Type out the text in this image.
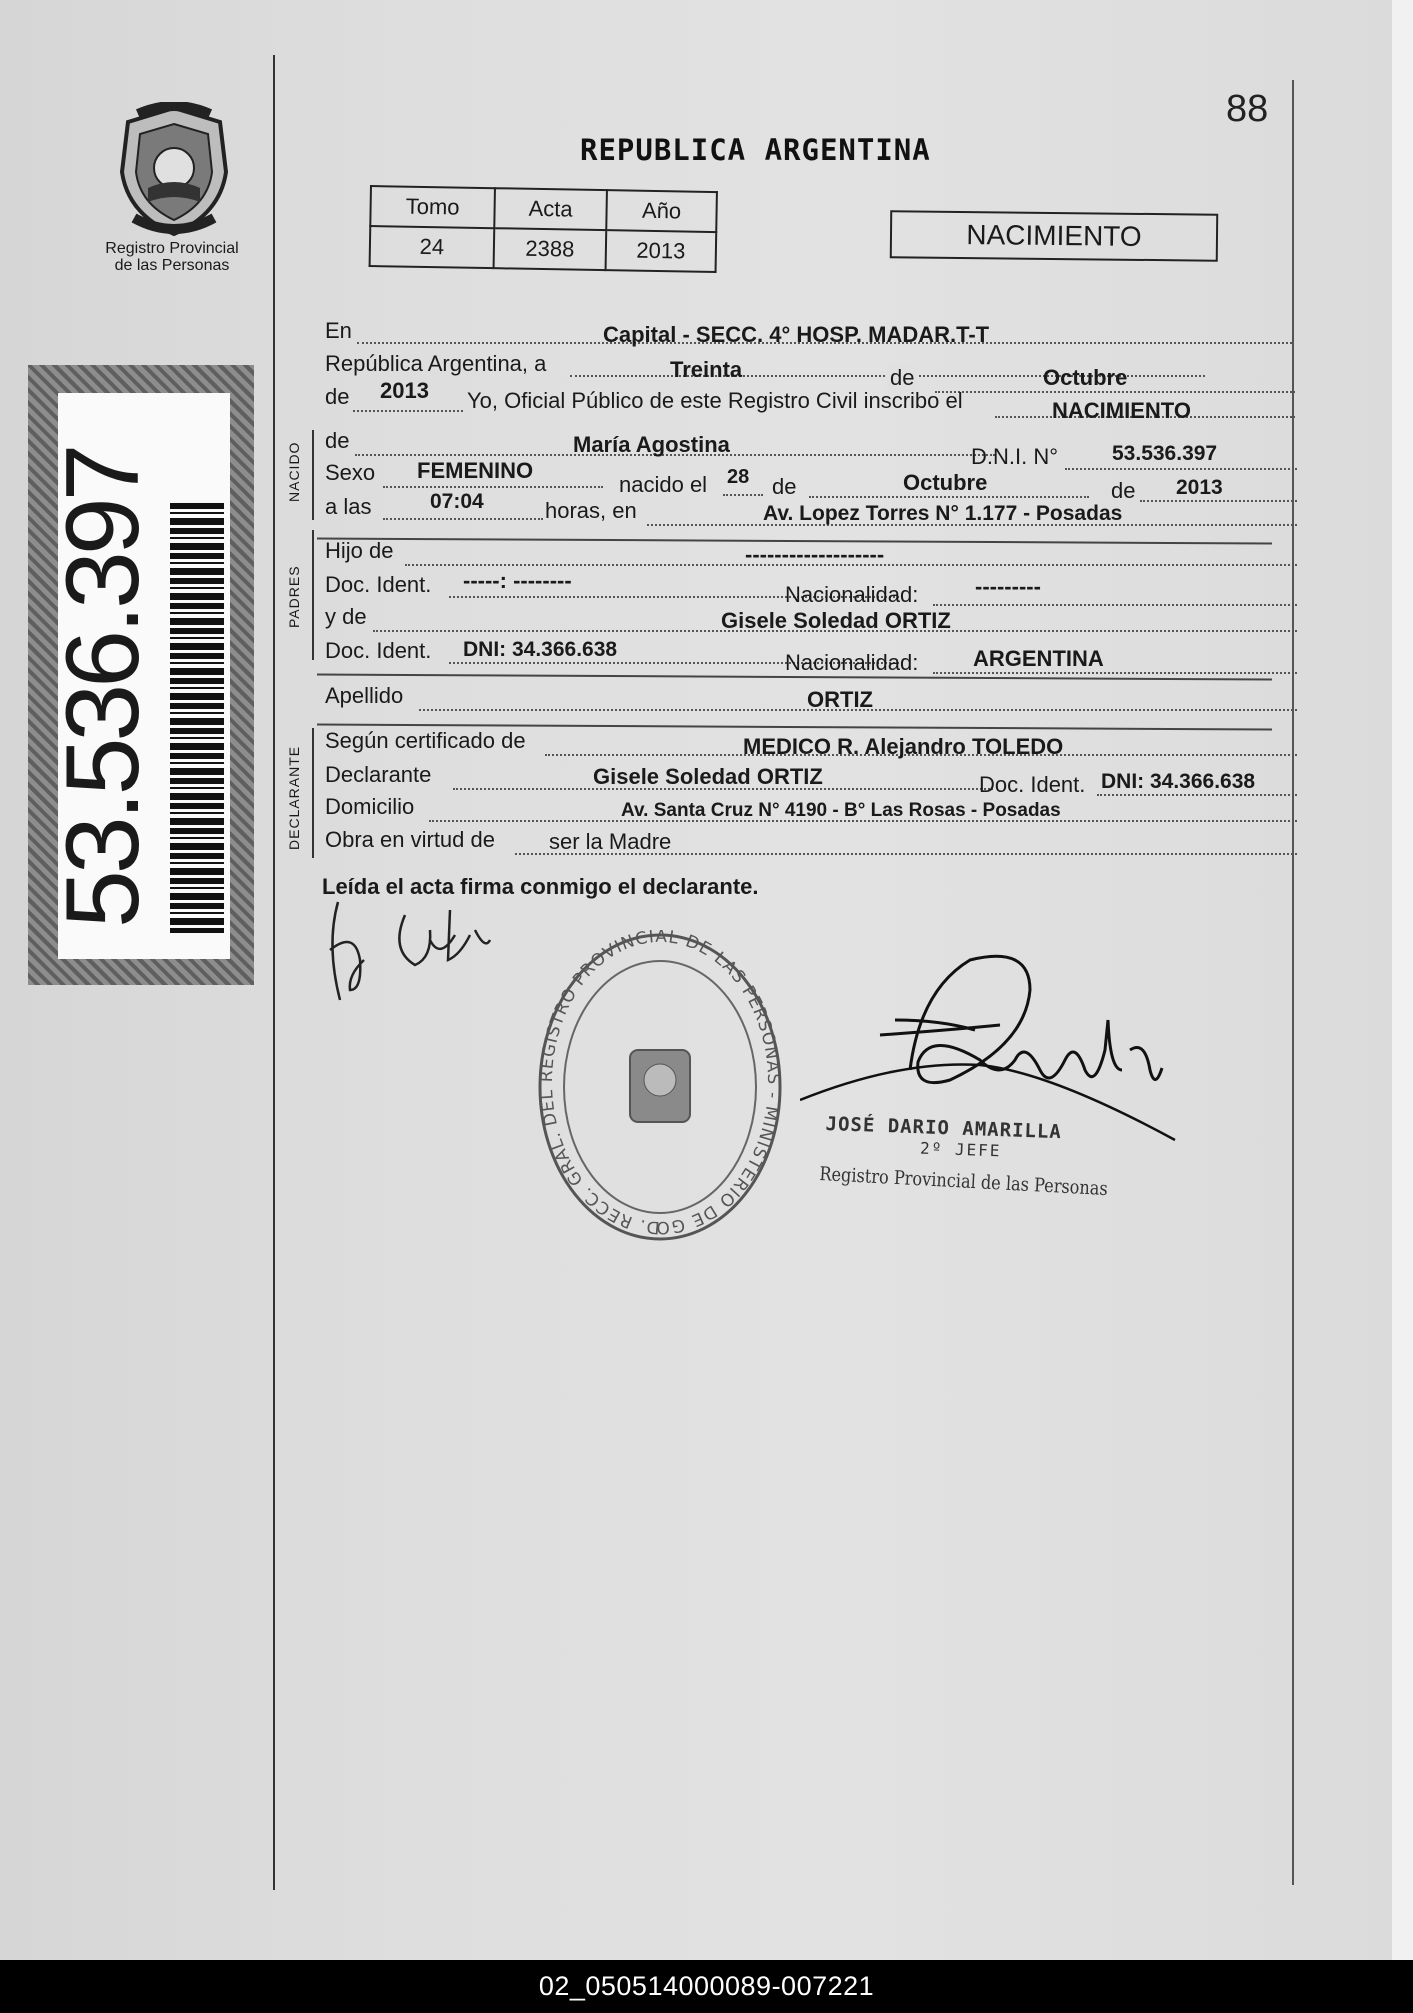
88
REPUBLICA ARGENTINA
Registro Provincial
de las Personas
53.536.397
Tomo	Acta	Año
24	2388	2013	NACIMIENTO
NACIDO
PADRES
DECLARANTE
En	Capital - SECC. 4° HOSP. MADAR.T-T
República Argentina, a	Treinta	de	Octubre
de 2013 Yo, Oficial Público de este Registro Civil inscribo el	NACIMIENTO
de	María Agostina	D.N.I. N°	53.536.397
Sexo FEMENINO
nacido el 28 de	Octubre	de 2013
a las	07:04	horas, en	Av. Lopez Torres N° 1.177 - Posadas
Hijo de	-------------------
Doc. Ident. -----: --------
Nacionalidad:	---------
y de	Gisele Soledad ORTIZ
Doc. Ident. DNI: 34.366.638
Nacionalidad: ARGENTINA
Apellido	ORTIZ
Según certificado de	MEDICO R. Alejandro TOLEDO
Declarante	Gisele Soledad ORTIZ	Doc. Ident. DNI: 34.366.638
Domicilio	Av. Santa Cruz N° 4190 - B° Las Rosas - Posadas
Obra en virtud de ser la Madre
Leída el acta firma conmigo el declarante.
D. RECC. GRAL. DEL REGISTRO PROVINCIAL DE LAS PERSONAS - MINISTERIO DE GO
JOSÉ DARIO AMARILLA
2º JEFE
Registro Provincial de las Personas
02_050514000089-007221
